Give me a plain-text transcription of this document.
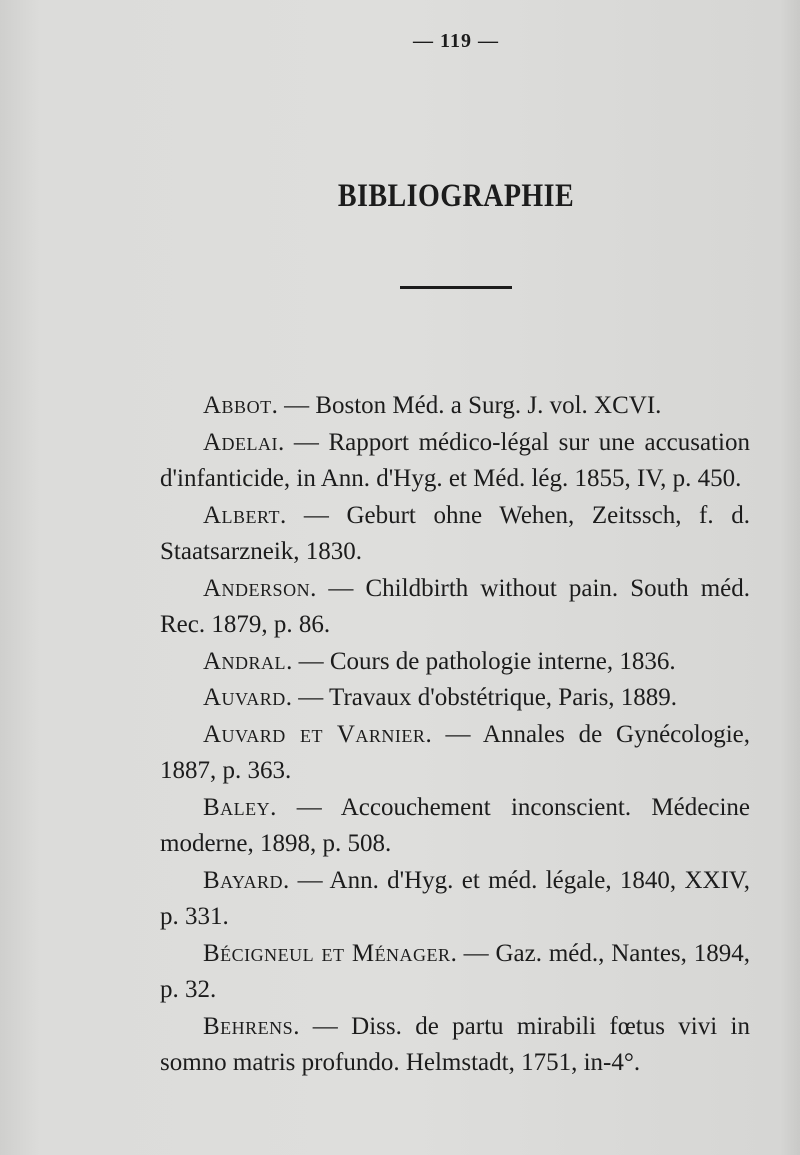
— 119 —
BIBLIOGRAPHIE

Abbot. — Boston Méd. a Surg. J. vol. XCVI.

Adelai. — Rapport médico-légal sur une accusation d'infanticide, in Ann. d'Hyg. et Méd. lég. 1855, IV, p. 450.

Albert. — Geburt ohne Wehen, Zeitssch, f. d. Staatsarzneik, 1830.

Anderson. — Childbirth without pain. South méd. Rec. 1879, p. 86.

Andral. — Cours de pathologie interne, 1836.

Auvard. — Travaux d'obstétrique, Paris, 1889.

Auvard et Varnier. — Annales de Gynécologie, 1887, p. 363.

Baley. — Accouchement inconscient. Médecine moderne, 1898, p. 508.

Bayard. — Ann. d'Hyg. et méd. légale, 1840, XXIV, p. 331.

Bécigneul et Ménager. — Gaz. méd., Nantes, 1894, p. 32.

Behrens. — Diss. de partu mirabili fœtus vivi in somno matris profundo. Helmstadt, 1751, in-4°.
